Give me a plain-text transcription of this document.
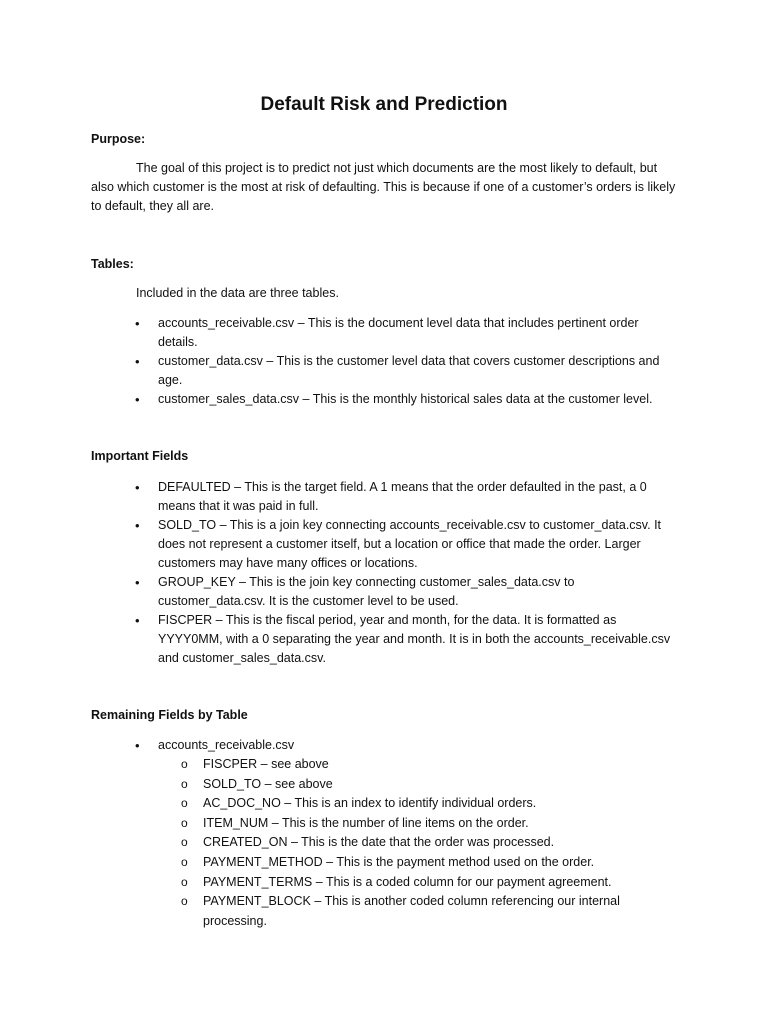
Default Risk and Prediction
Purpose:
The goal of this project is to predict not just which documents are the most likely to default, but also which customer is the most at risk of defaulting. This is because if one of a customer’s orders is likely to default, they all are.
Tables:
Included in the data are three tables.
• accounts_receivable.csv – This is the document level data that includes pertinent order details.
• customer_data.csv – This is the customer level data that covers customer descriptions and age.
• customer_sales_data.csv – This is the monthly historical sales data at the customer level.
Important Fields
• DEFAULTED – This is the target field. A 1 means that the order defaulted in the past, a 0 means that it was paid in full.
• SOLD_TO – This is a join key connecting accounts_receivable.csv to customer_data.csv. It does not represent a customer itself, but a location or office that made the order. Larger customers may have many offices or locations.
• GROUP_KEY – This is the join key connecting customer_sales_data.csv to customer_data.csv. It is the customer level to be used.
• FISCPER – This is the fiscal period, year and month, for the data. It is formatted as YYYY0MM, with a 0 separating the year and month. It is in both the accounts_receivable.csv and customer_sales_data.csv.
Remaining Fields by Table
• accounts_receivable.csv
o FISCPER – see above
o SOLD_TO – see above
o AC_DOC_NO – This is an index to identify individual orders.
o ITEM_NUM – This is the number of line items on the order.
o CREATED_ON – This is the date that the order was processed.
o PAYMENT_METHOD – This is the payment method used on the order.
o PAYMENT_TERMS – This is a coded column for our payment agreement.
o PAYMENT_BLOCK – This is another coded column referencing our internal processing.
